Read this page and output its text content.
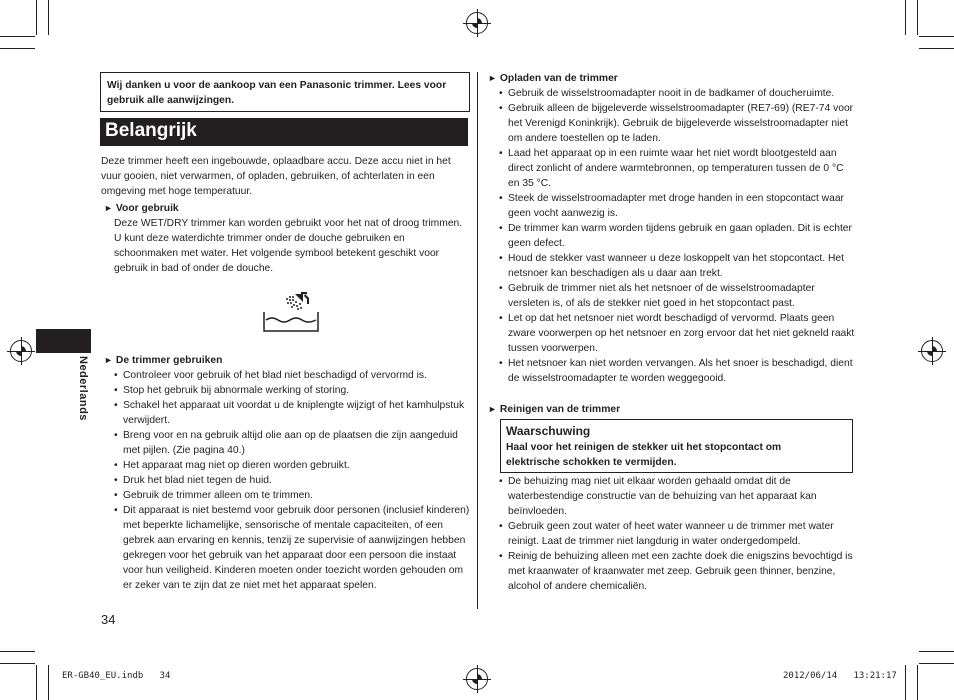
Wij danken u voor de aankoop van een Panasonic trimmer. Lees voor gebruik alle aanwijzingen.
Belangrijk
Deze trimmer heeft een ingebouwde, oplaadbare accu. Deze accu niet in het vuur gooien, niet verwarmen, of opladen, gebruiken, of achterlaten in een omgeving met hoge temperatuur.
► Voor gebruik
Deze WET/DRY trimmer kan worden gebruikt voor het nat of droog trimmen. U kunt deze waterdichte trimmer onder de douche gebruiken en schoonmaken met water. Het volgende symbool betekent geschikt voor gebruik in bad of onder de douche.
► De trimmer gebruiken
• Controleer voor gebruik of het blad niet beschadigd of vervormd is.
• Stop het gebruik bij abnormale werking of storing.
• Schakel het apparaat uit voordat u de kniplengte wijzigt of het kamhulpstuk verwijdert.
• Breng voor en na gebruik altijd olie aan op de plaatsen die zijn aangeduid met pijlen. (Zie pagina 40.)
• Het apparaat mag niet op dieren worden gebruikt.
• Druk het blad niet tegen de huid.
• Gebruik de trimmer alleen om te trimmen.
• Dit apparaat is niet bestemd voor gebruik door personen (inclusief kinderen) met beperkte lichamelijke, sensorische of mentale capaciteiten, of een gebrek aan ervaring en kennis, tenzij ze supervisie of aanwijzingen hebben gekregen voor het gebruik van het apparaat door een persoon die instaat voor hun veiligheid. Kinderen moeten onder toezicht worden gehouden om er zeker van te zijn dat ze niet met het apparaat spelen.
Nederlands
34
► Opladen van de trimmer
• Gebruik de wisselstroomadapter nooit in de badkamer of doucheruimte.
• Gebruik alleen de bijgeleverde wisselstroomadapter (RE7-69) (RE7-74 voor het Verenigd Koninkrijk). Gebruik de bijgeleverde wisselstroomadapter niet om andere toestellen op te laden.
• Laad het apparaat op in een ruimte waar het niet wordt blootgesteld aan direct zonlicht of andere warmtebronnen, op temperaturen tussen de 0 °C en 35 °C.
• Steek de wisselstroomadapter met droge handen in een stopcontact waar geen vocht aanwezig is.
• De trimmer kan warm worden tijdens gebruik en gaan opladen. Dit is echter geen defect.
• Houd de stekker vast wanneer u deze loskoppelt van het stopcontact. Het netsnoer kan beschadigen als u daar aan trekt.
• Gebruik de trimmer niet als het netsnoer of de wisselstroomadapter versleten is, of als de stekker niet goed in het stopcontact past.
• Let op dat het netsnoer niet wordt beschadigd of vervormd. Plaats geen zware voorwerpen op het netsnoer en zorg ervoor dat het niet gekneld raakt tussen voorwerpen.
• Het netsnoer kan niet worden vervangen. Als het snoer is beschadigd, dient de wisselstroomadapter te worden weggegooid.
► Reinigen van de trimmer
Waarschuwing
Haal voor het reinigen de stekker uit het stopcontact om elektrische schokken te vermijden.
• De behuizing mag niet uit elkaar worden gehaald omdat dit de waterbestendige constructie van de behuizing van het apparaat kan beïnvloeden.
• Gebruik geen zout water of heet water wanneer u de trimmer met water reinigt. Laat de trimmer niet langdurig in water ondergedompeld.
• Reinig de behuizing alleen met een zachte doek die enigszins bevochtigd is met kraanwater of kraanwater met zeep. Gebruik geen thinner, benzine, alcohol of andere chemicaliën.
ER-GB40_EU.indb   34	2012/06/14   13:21:17
